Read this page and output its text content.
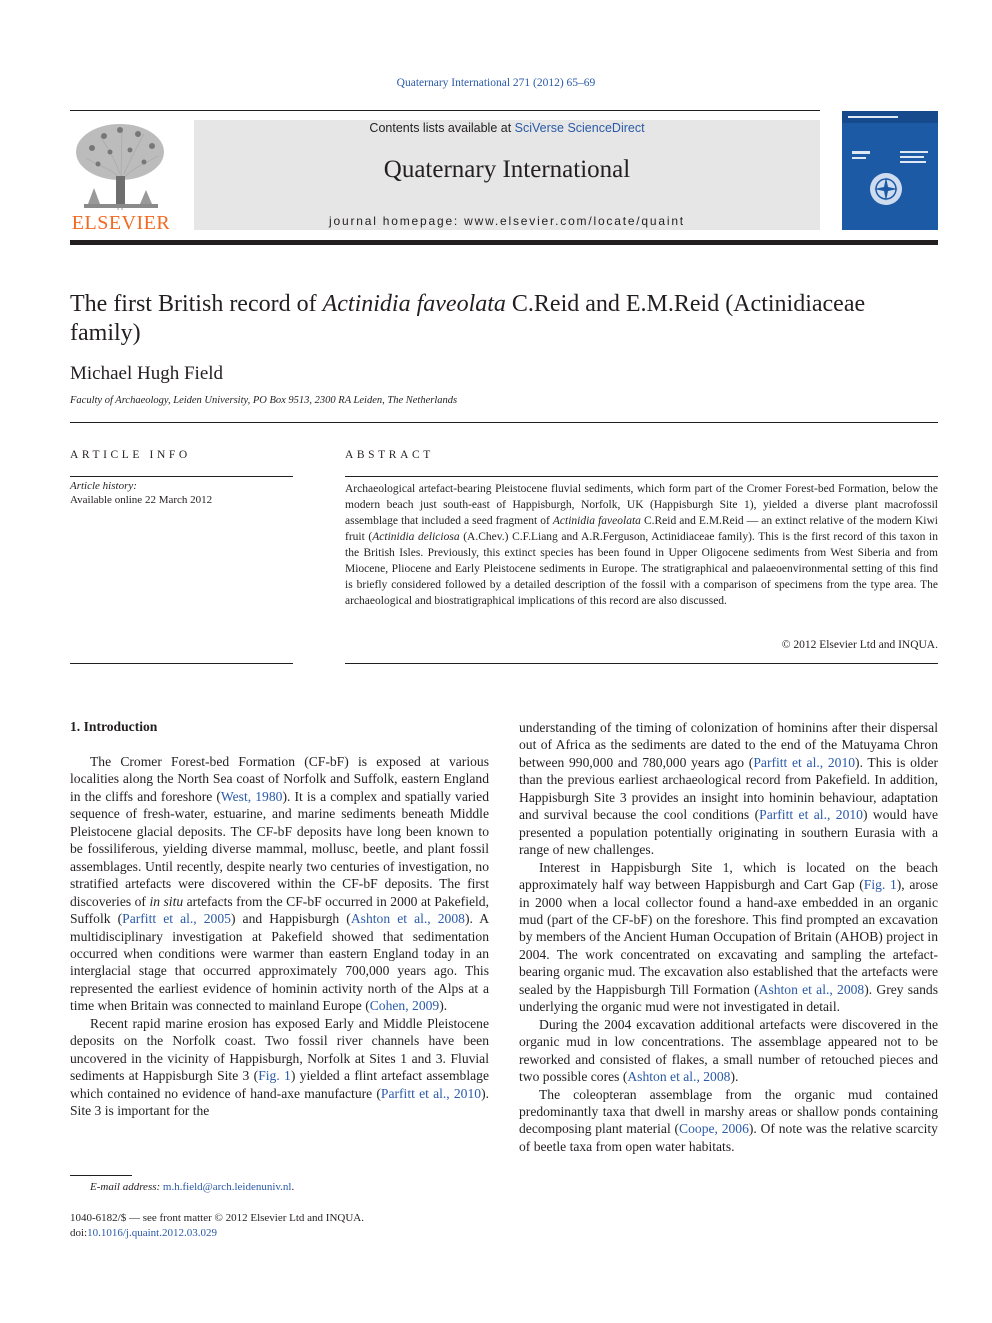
Quaternary International 271 (2012) 65–69
ELSEVIER
Contents lists available at SciVerse ScienceDirect
Quaternary International
journal homepage: www.elsevier.com/locate/quaint
The first British record of Actinidia faveolata C.Reid and E.M.Reid (Actinidiaceae family)
Michael Hugh Field
Faculty of Archaeology, Leiden University, PO Box 9513, 2300 RA Leiden, The Netherlands
ARTICLE INFO	ABSTRACT
Article history:
Available online 22 March 2012

Archaeological artefact-bearing Pleistocene fluvial sediments, which form part of the Cromer Forest-bed Formation, below the modern beach just south-east of Happisburgh, Norfolk, UK (Happisburgh Site 1), yielded a diverse plant macrofossil assemblage that included a seed fragment of Actinidia faveolata C.Reid and E.M.Reid — an extinct relative of the modern Kiwi fruit (Actinidia deliciosa (A.Chev.) C.F.Liang and A.R.Ferguson, Actinidiaceae family). This is the first record of this taxon in the British Isles. Previously, this extinct species has been found in Upper Oligocene sediments from West Siberia and from Miocene, Pliocene and Early Pleistocene sediments in Europe. The stratigraphical and palaeoenvironmental setting of this find is briefly considered followed by a detailed description of the fossil with a comparison of specimens from the type area. The archaeological and biostratigraphical implications of this record are also discussed.

© 2012 Elsevier Ltd and INQUA.
1. Introduction

The Cromer Forest-bed Formation (CF-bF) is exposed at various localities along the North Sea coast of Norfolk and Suffolk, eastern England in the cliffs and foreshore (West, 1980). It is a complex and spatially varied sequence of fresh-water, estuarine, and marine sediments beneath Middle Pleistocene glacial deposits. The CF-bF deposits have long been known to be fossiliferous, yielding diverse mammal, mollusc, beetle, and plant fossil assemblages. Until recently, despite nearly two centuries of investigation, no stratified artefacts were discovered within the CF-bF deposits. The first discoveries of in situ artefacts from the CF-bF occurred in 2000 at Pakefield, Suffolk (Parfitt et al., 2005) and Happisburgh (Ashton et al., 2008). A multidisciplinary investigation at Pakefield showed that sedimentation occurred when conditions were warmer than eastern England today in an interglacial stage that occurred approximately 700,000 years ago. This represented the earliest evidence of hominin activity north of the Alps at a time when Britain was connected to mainland Europe (Cohen, 2009).

Recent rapid marine erosion has exposed Early and Middle Pleistocene deposits on the Norfolk coast. Two fossil river channels have been uncovered in the vicinity of Happisburgh, Norfolk at Sites 1 and 3. Fluvial sediments at Happisburgh Site 3 (Fig. 1) yielded a flint artefact assemblage which contained no evidence of hand-axe manufacture (Parfitt et al., 2010). Site 3 is important for the

understanding of the timing of colonization of hominins after their dispersal out of Africa as the sediments are dated to the end of the Matuyama Chron between 990,000 and 780,000 years ago (Parfitt et al., 2010). This is older than the previous earliest archaeological record from Pakefield. In addition, Happisburgh Site 3 provides an insight into hominin behaviour, adaptation and survival because the cool conditions (Parfitt et al., 2010) would have presented a population potentially originating in southern Eurasia with a range of new challenges.

Interest in Happisburgh Site 1, which is located on the beach approximately half way between Happisburgh and Cart Gap (Fig. 1), arose in 2000 when a local collector found a hand-axe embedded in an organic mud (part of the CF-bF) on the foreshore. This find prompted an excavation by members of the Ancient Human Occupation of Britain (AHOB) project in 2004. The work concentrated on excavating and sampling the artefact-bearing organic mud. The excavation also established that the artefacts were sealed by the Happisburgh Till Formation (Ashton et al., 2008). Grey sands underlying the organic mud were not investigated in detail.

During the 2004 excavation additional artefacts were discovered in the organic mud in low concentrations. The assemblage appeared not to be reworked and consisted of flakes, a small number of retouched pieces and two possible cores (Ashton et al., 2008).

The coleopteran assemblage from the organic mud contained predominantly taxa that dwell in marshy areas or shallow ponds containing decomposing plant material (Coope, 2006). Of note was the relative scarcity of beetle taxa from open water habitats.

E-mail address: m.h.field@arch.leidenuniv.nl.
1040-6182/$ — see front matter © 2012 Elsevier Ltd and INQUA.
doi:10.1016/j.quaint.2012.03.029
